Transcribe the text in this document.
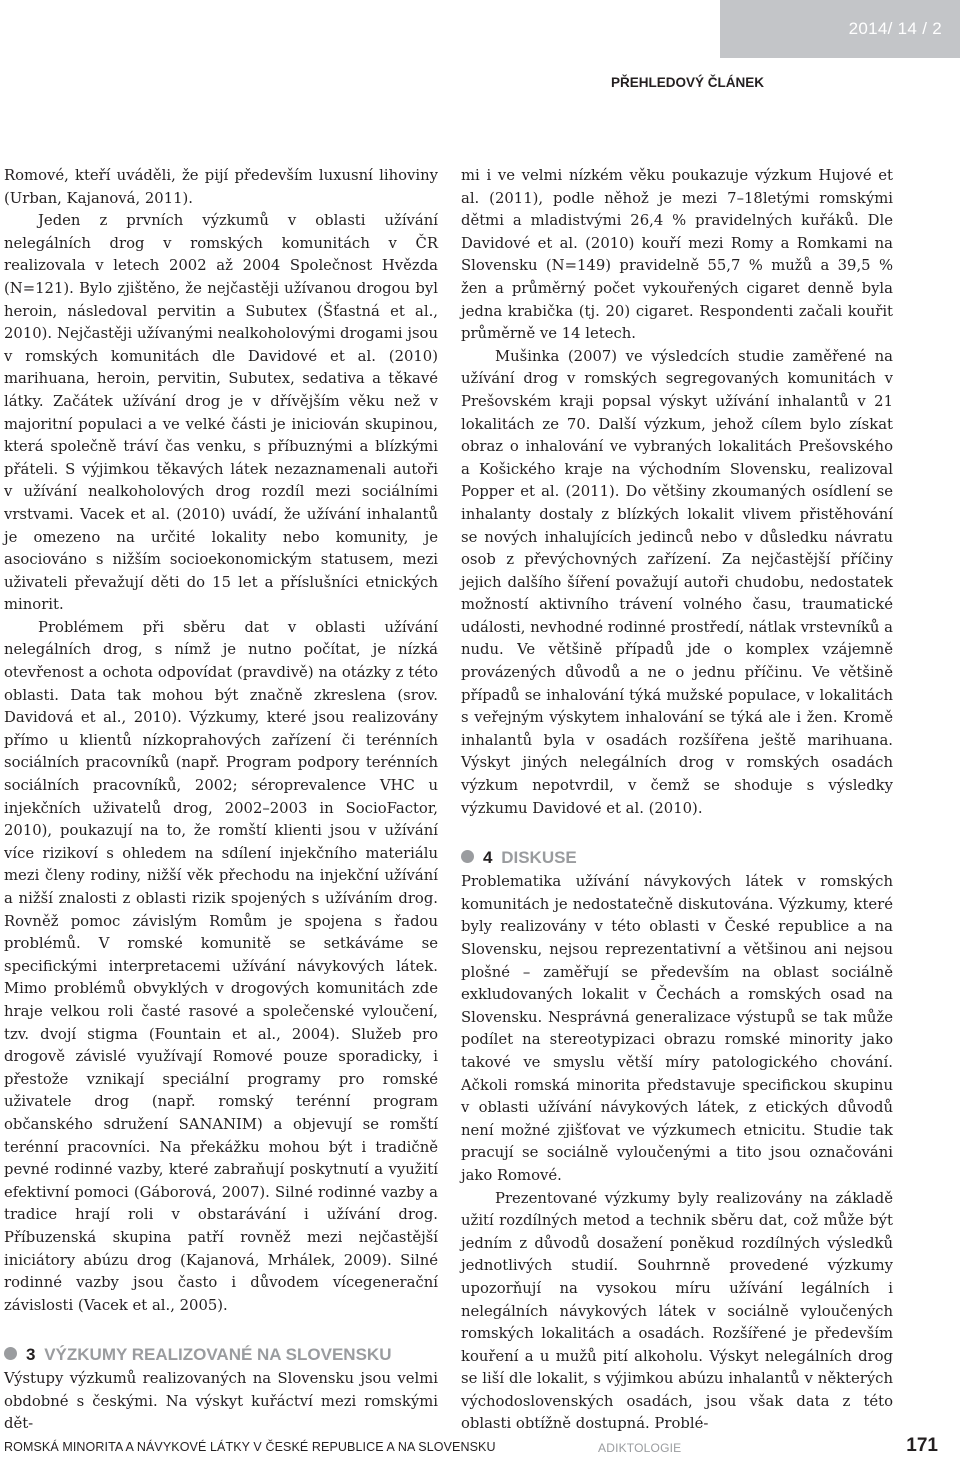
2014/ 14 / 2
PŘEHLEDOVÝ ČLÁNEK

Romové, kteří uváděli, že pijí především luxusní lihoviny (Urban, Kajanová, 2011).

Jeden z prvních výzkumů v oblasti užívání nelegálních drog v romských komunitách v ČR realizovala v letech 2002 až 2004 Společnost Hvězda (N=121). Bylo zjištěno, že nejčastěji užívanou drogou byl heroin, následoval pervitin a Subutex (Šťastná et al., 2010). Nejčastěji užívanými nealkoholovými drogami jsou v romských komunitách dle Davidové et al. (2010) marihuana, heroin, pervitin, Subutex, sedativa a těkavé látky. Začátek užívání drog je v dřívějším věku než v majoritní populaci a ve velké části je iniciován skupinou, která společně tráví čas venku, s příbuznými a blízkými přáteli. S výjimkou těkavých látek nezaznamenali autoři v užívání nealkoholových drog rozdíl mezi sociálními vrstvami. Vacek et al. (2010) uvádí, že užívání inhalantů je omezeno na určité lokality nebo komunity, je asociováno s nižším socioekonomickým statusem, mezi uživateli převažují děti do 15 let a příslušníci etnických minorit.

Problémem při sběru dat v oblasti užívání nelegálních drog, s nímž je nutno počítat, je nízká otevřenost a ochota odpovídat (pravdivě) na otázky z této oblasti. Data tak mohou být značně zkreslena (srov. Davidová et al., 2010). Výzkumy, které jsou realizovány přímo u klientů nízkoprahových zařízení či terénních sociálních pracovníků (např. Program podpory terénních sociálních pracovníků, 2002; séroprevalence VHC u injekčních uživatelů drog, 2002–2003 in SocioFactor, 2010), poukazují na to, že romští klienti jsou v užívání více rizikoví s ohledem na sdílení injekčního materiálu mezi členy rodiny, nižší věk přechodu na injekční užívání a nižší znalosti z oblasti rizik spojených s užíváním drog. Rovněž pomoc závislým Romům je spojena s řadou problémů. V romské komunitě se setkáváme se specifickými interpretacemi užívání návykových látek. Mimo problémů obvyklých v drogových komunitách zde hraje velkou roli časté rasové a společenské vyloučení, tzv. dvojí stigma (Fountain et al., 2004). Služeb pro drogově závislé využívají Romové pouze sporadicky, i přestože vznikají speciální programy pro romské uživatele drog (např. romský terénní program občanského sdružení SANANIM) a objevují se romští terénní pracovníci. Na překážku mohou být i tradičně pevné rodinné vazby, které zabraňují poskytnutí a využití efektivní pomoci (Gáborová, 2007). Silné rodinné vazby a tradice hrají roli v obstarávání i užívání drog. Příbuzenská skupina patří rovněž mezi nejčastější iniciátory abúzu drog (Kajanová, Mrhálek, 2009). Silné rodinné vazby jsou často i důvodem vícegenerační závislosti (Vacek et al., 2005).

3 VÝZKUMY REALIZOVANÉ NA SLOVENSKU

Výstupy výzkumů realizovaných na Slovensku jsou velmi obdobné s českými. Na výskyt kuřáctví mezi romskými dět-

mi i ve velmi nízkém věku poukazuje výzkum Hujové et al. (2011), podle něhož je mezi 7–18letými romskými dětmi a mladistvými 26,4 % pravidelných kuřáků. Dle Davidové et al. (2010) kouří mezi Romy a Romkami na Slovensku (N=149) pravidelně 55,7 % mužů a 39,5 % žen a průměrný počet vykouřených cigaret denně byla jedna krabička (tj. 20) cigaret. Respondenti začali kouřit průměrně ve 14 letech.

Mušinka (2007) ve výsledcích studie zaměřené na užívání drog v romských segregovaných komunitách v Prešovském kraji popsal výskyt užívání inhalantů v 21 lokalitách ze 70. Další výzkum, jehož cílem bylo získat obraz o inhalování ve vybraných lokalitách Prešovského a Košického kraje na východním Slovensku, realizoval Popper et al. (2011). Do většiny zkoumaných osídlení se inhalanty dostaly z blízkých lokalit vlivem přistěhování se nových inhalujících jedinců nebo v důsledku návratu osob z převýchovných zařízení. Za nejčastější příčiny jejich dalšího šíření považují autoři chudobu, nedostatek možností aktivního trávení volného času, traumatické události, nevhodné rodinné prostředí, nátlak vrstevníků a nudu. Ve většině případů jde o komplex vzájemně provázených důvodů a ne o jednu příčinu. Ve většině případů se inhalování týká mužské populace, v lokalitách s veřejným výskytem inhalování se týká ale i žen. Kromě inhalantů byla v osadách rozšířena ještě marihuana. Výskyt jiných nelegálních drog v romských osadách výzkum nepotvrdil, v čemž se shoduje s výsledky výzkumu Davidové et al. (2010).

4 DISKUSE

Problematika užívání návykových látek v romských komunitách je nedostatečně diskutována. Výzkumy, které byly realizovány v této oblasti v České republice a na Slovensku, nejsou reprezentativní a většinou ani nejsou plošné – zaměřují se především na oblast sociálně exkludovaných lokalit v Čechách a romských osad na Slovensku. Nesprávná generalizace výstupů se tak může podílet na stereotypizaci obrazu romské minority jako takové ve smyslu větší míry patologického chování. Ačkoli romská minorita představuje specifickou skupinu v oblasti užívání návykových látek, z etických důvodů není možné zjišťovat ve výzkumech etnicitu. Studie tak pracují se sociálně vyloučenými a tito jsou označováni jako Romové.

Prezentované výzkumy byly realizovány na základě užití rozdílných metod a technik sběru dat, což může být jedním z důvodů dosažení poněkud rozdílných výsledků jednotlivých studií. Souhrnně provedené výzkumy upozorňují na vysokou míru užívání legálních i nelegálních návykových látek v sociálně vyloučených romských lokalitách a osadách. Rozšířené je především kouření a u mužů pití alkoholu. Výskyt nelegálních drog se liší dle lokalit, s výjimkou abúzu inhalantů v některých východoslovenských osadách, jsou však data z této oblasti obtížně dostupná. Problé-

ROMSKÁ MINORITA A NÁVYKOVÉ LÁTKY V ČESKÉ REPUBLICE A NA SLOVENSKU	ADIKTOLOGIE	171
